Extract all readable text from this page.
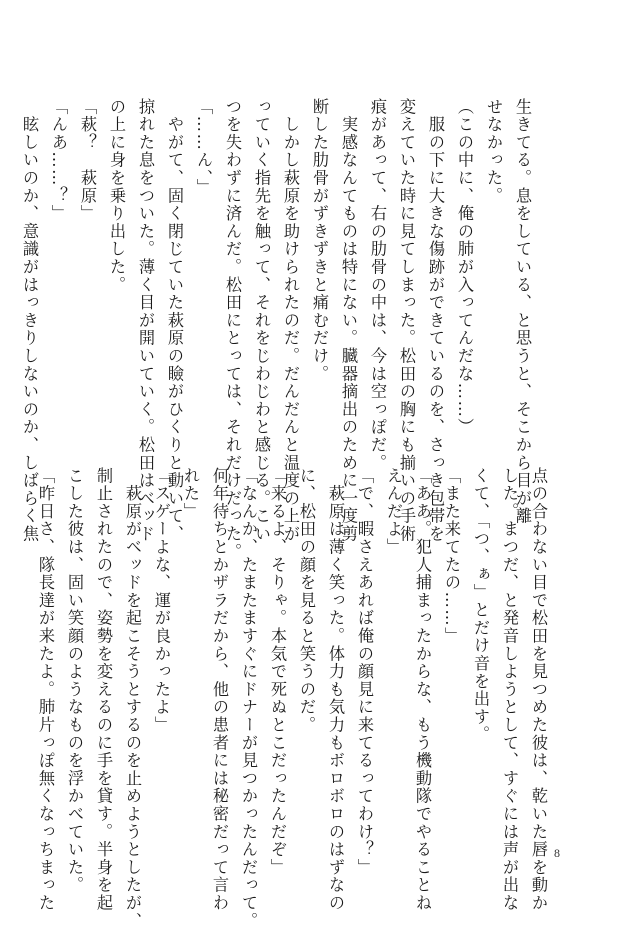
生きてる。息をしている、と思うと、そこから目が離
せなかった。
（この中に、俺の肺が入ってんだな……）
　服の下に大きな傷跡ができているのを、さっき包帯を
変えていた時に見てしまった。松田の胸にも揃いの手術
痕があって、右の肋骨の中は、今は空っぽだ。
　実感なんてものは特にない。臓器摘出のために一度剪
断した肋骨がずきずきと痛むだけ。
　しかし萩原を助けられたのだ。だんだんと温度の上が
っていく指先を触って、それをじわじわと感じる。こい
つを失わずに済んだ。松田にとっては、それだけだった。
「……ん、」
　やがて、固く閉じていた萩原の瞼がひくりと動いて、
掠れた息をついた。薄く目が開いていく。松田はベッド
の上に身を乗り出した。
「萩？　萩原」
「んあ……？」
　眩しいのか、意識がはっきりしないのか、しばらく焦
点の合わない目で松田を見つめた彼は、乾いた唇を動か
した。まつだ、と発音しようとして、すぐには声が出な
くて、「つ、ぁ」とだけ音を出す。
「また来てたの……」
「ああ。犯人捕まったからな、もう機動隊でやることね
えんだよ」
「で、暇さえあれば俺の顔見に来てるってわけ？」
　萩原は薄く笑った。体力も気力もボロボロのはずなの
に、松田の顔を見ると笑うのだ。
「来るよ、そりゃ。本気で死ぬとこだったんだぞ」
「なんか、たまたますぐにドナーが見つかったんだって。
何年待ちとかザラだから、他の患者には秘密だって言わ
れた」
「スゲーよな、運が良かったよ」
　萩原がベッドを起こそうとするのを止めようとしたが、
制止されたので、姿勢を変えるのに手を貸す。半身を起
こした彼は、固い笑顔のようなものを浮かべていた。
「昨日さ、隊長達が来たよ。肺片っぽ無くなっちまった	8
